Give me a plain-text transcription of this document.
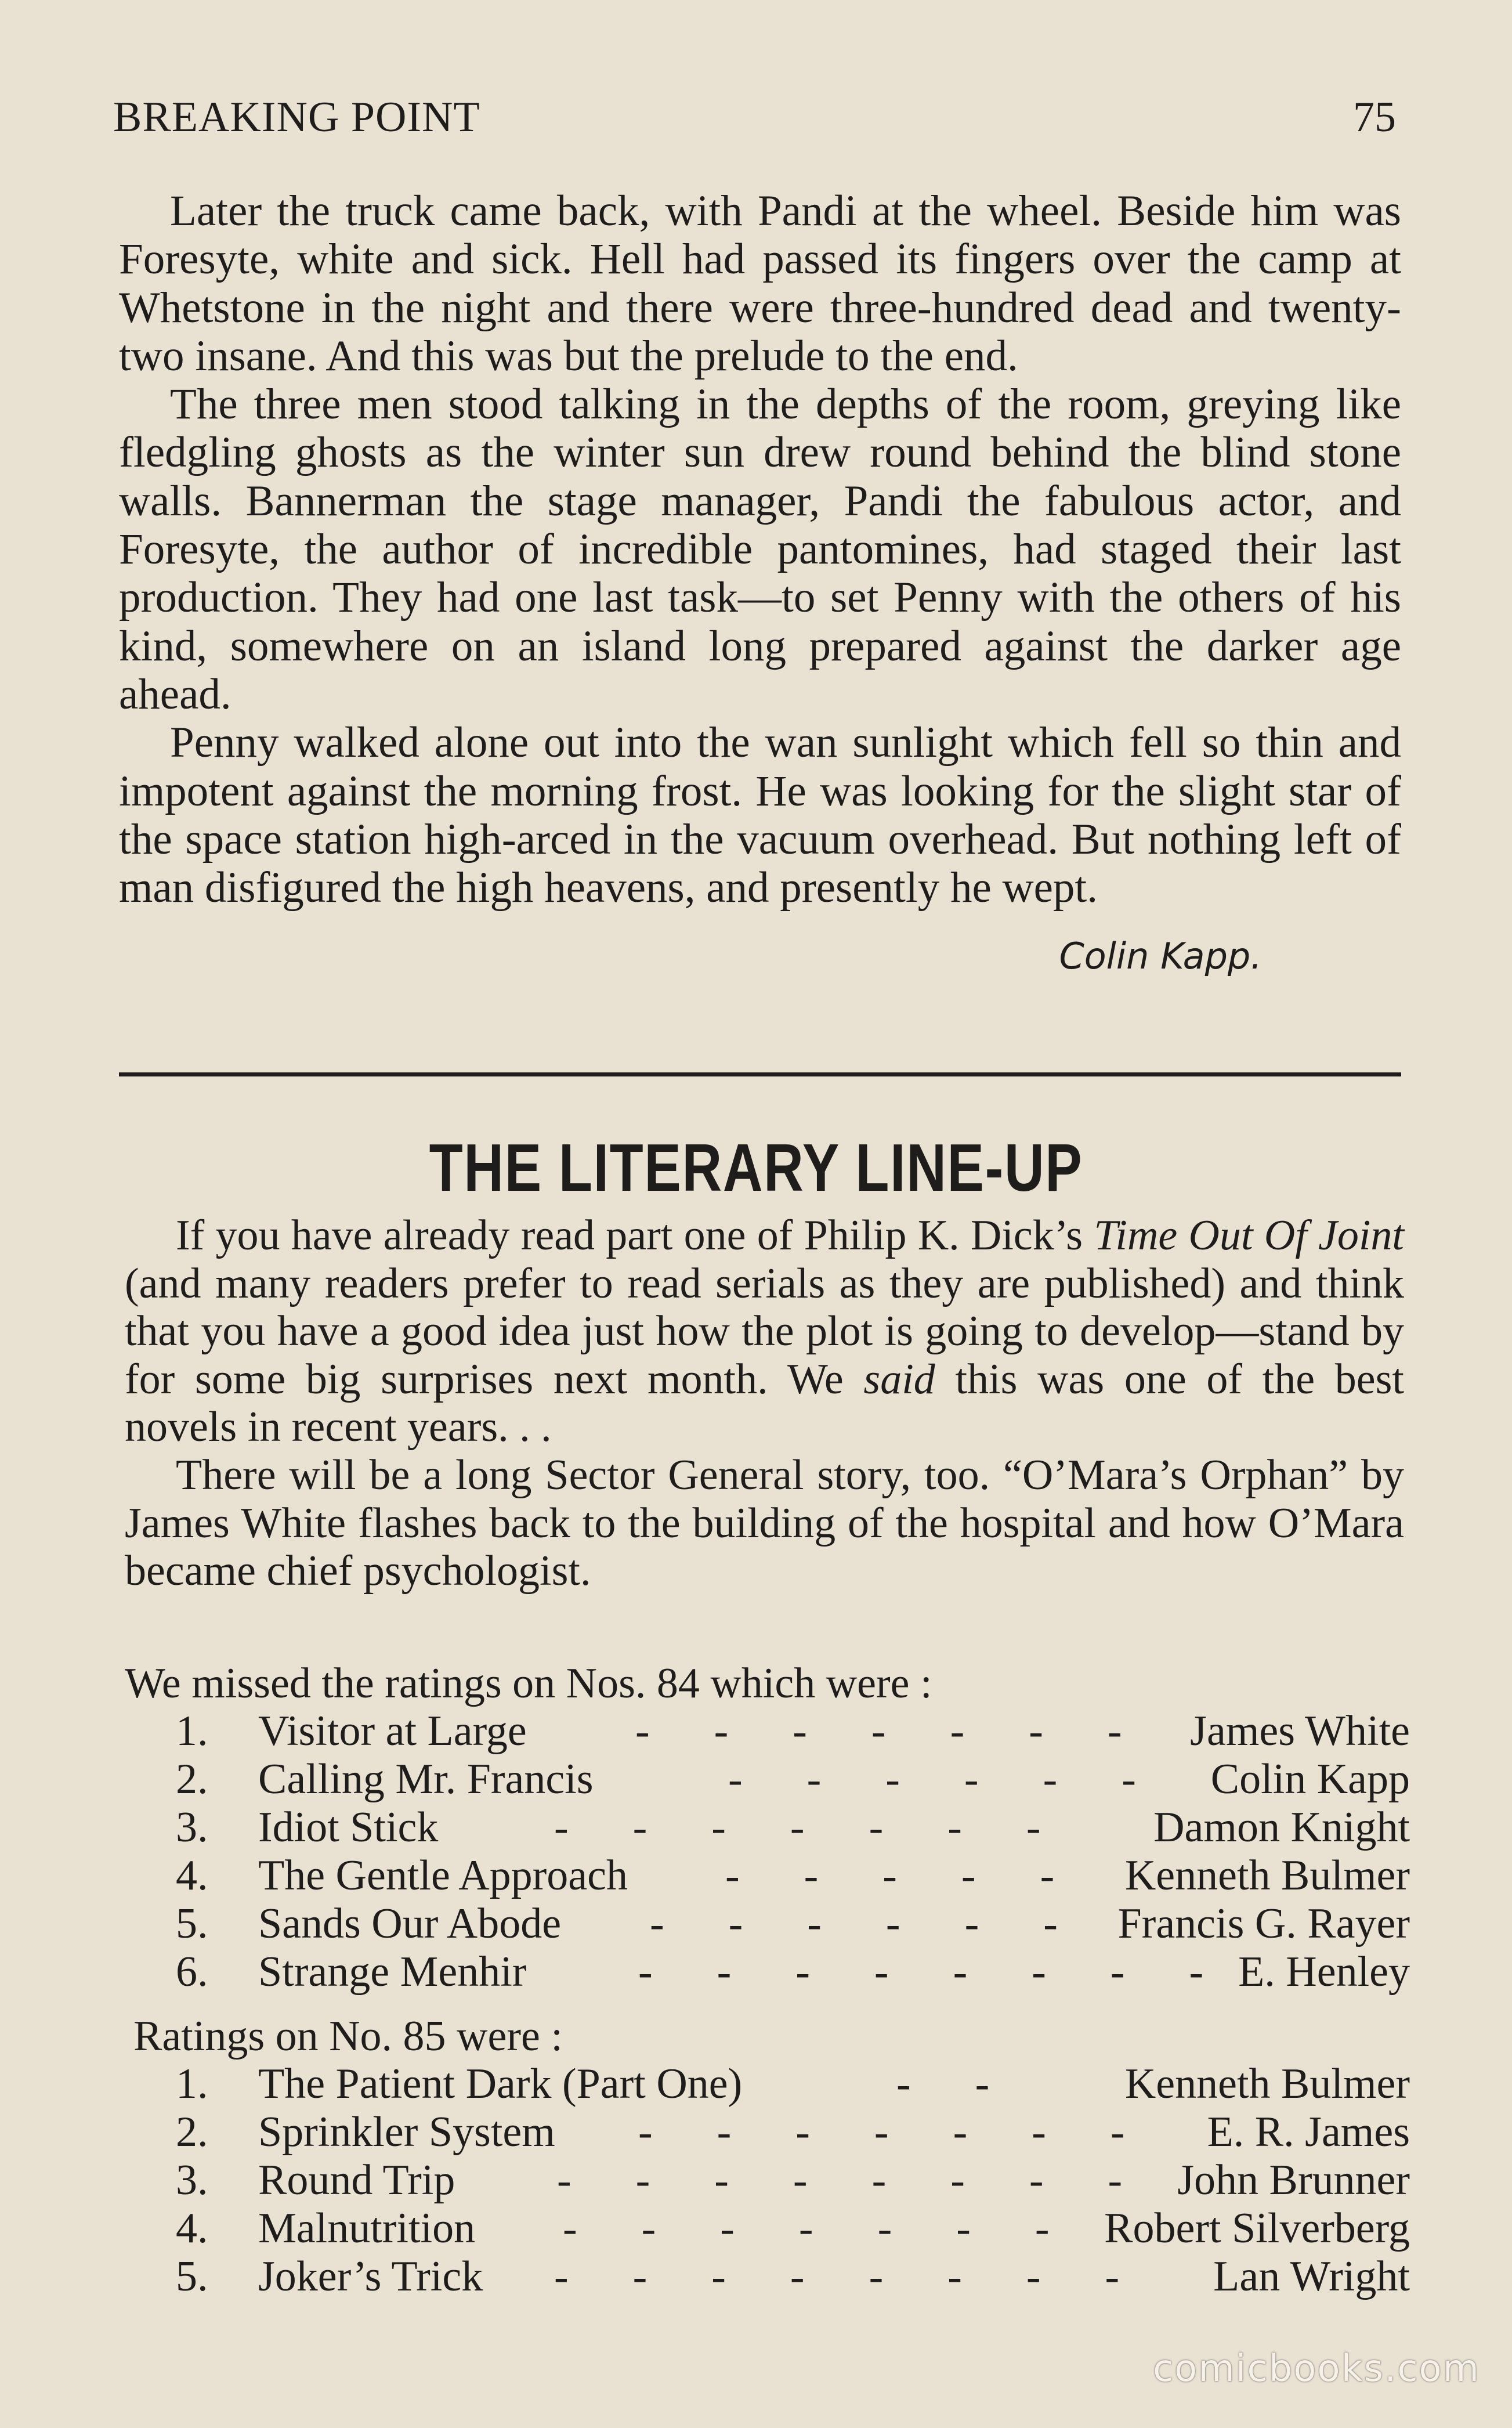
BREAKING POINT	75

Later the truck came back, with Pandi at the wheel. Beside him was Foresyte, white and sick. Hell had passed its fingers over the camp at Whetstone in the night and there were three-hundred dead and twenty-two insane. And this was but the prelude to the end.

The three men stood talking in the depths of the room, greying like fledgling ghosts as the winter sun drew round behind the blind stone walls. Bannerman the stage manager, Pandi the fabulous actor, and Foresyte, the author of incredible pantomines, had staged their last production. They had one last task—to set Penny with the others of his kind, somewhere on an island long prepared against the darker age ahead.

Penny walked alone out into the wan sunlight which fell so thin and impotent against the morning frost. He was looking for the slight star of the space station high-arced in the vacuum overhead. But nothing left of man disfigured the high heavens, and presently he wept.

Colin Kapp.
THE LITERARY LINE-UP

If you have already read part one of Philip K. Dick’s Time Out Of Joint (and many readers prefer to read serials as they are published) and think that you have a good idea just how the plot is going to develop—stand by for some big surprises next month. We said this was one of the best novels in recent years. . .

There will be a long Sector General story, too. “O’Mara’s Orphan” by James White flashes back to the building of the hospital and how O’Mara became chief psychologist.

We missed the ratings on Nos. 84 which were :

1. Visitor at Large	-      -      -      -      -      -      - James White
2. Calling Mr. Francis	-      -      -      -      -      - Colin Kapp
3. Idiot Stick	-      -      -      -      -      -      -	Damon Knight
4. The Gentle Approach -      -      -      -      - Kenneth Bulmer
5. Sands Our Abode -      -      -      -      -      - Francis G. Rayer
6. Strange Menhir	-      -      -      -      -      -      -      - E. Henley

Ratings on No. 85 were :

1. The Patient Dark (Part One)	-      -	Kenneth Bulmer
2. Sprinkler System -      -      -      -      -      -      - E. R. James
3. Round Trip -      -      -      -      -      -      -      - John Brunner
4. Malnutrition -      -      -      -      -      -      - Robert Silverberg
5. Joker’s Trick -      -      -      -      -      -      -      - Lan Wright
comicbooks.com
